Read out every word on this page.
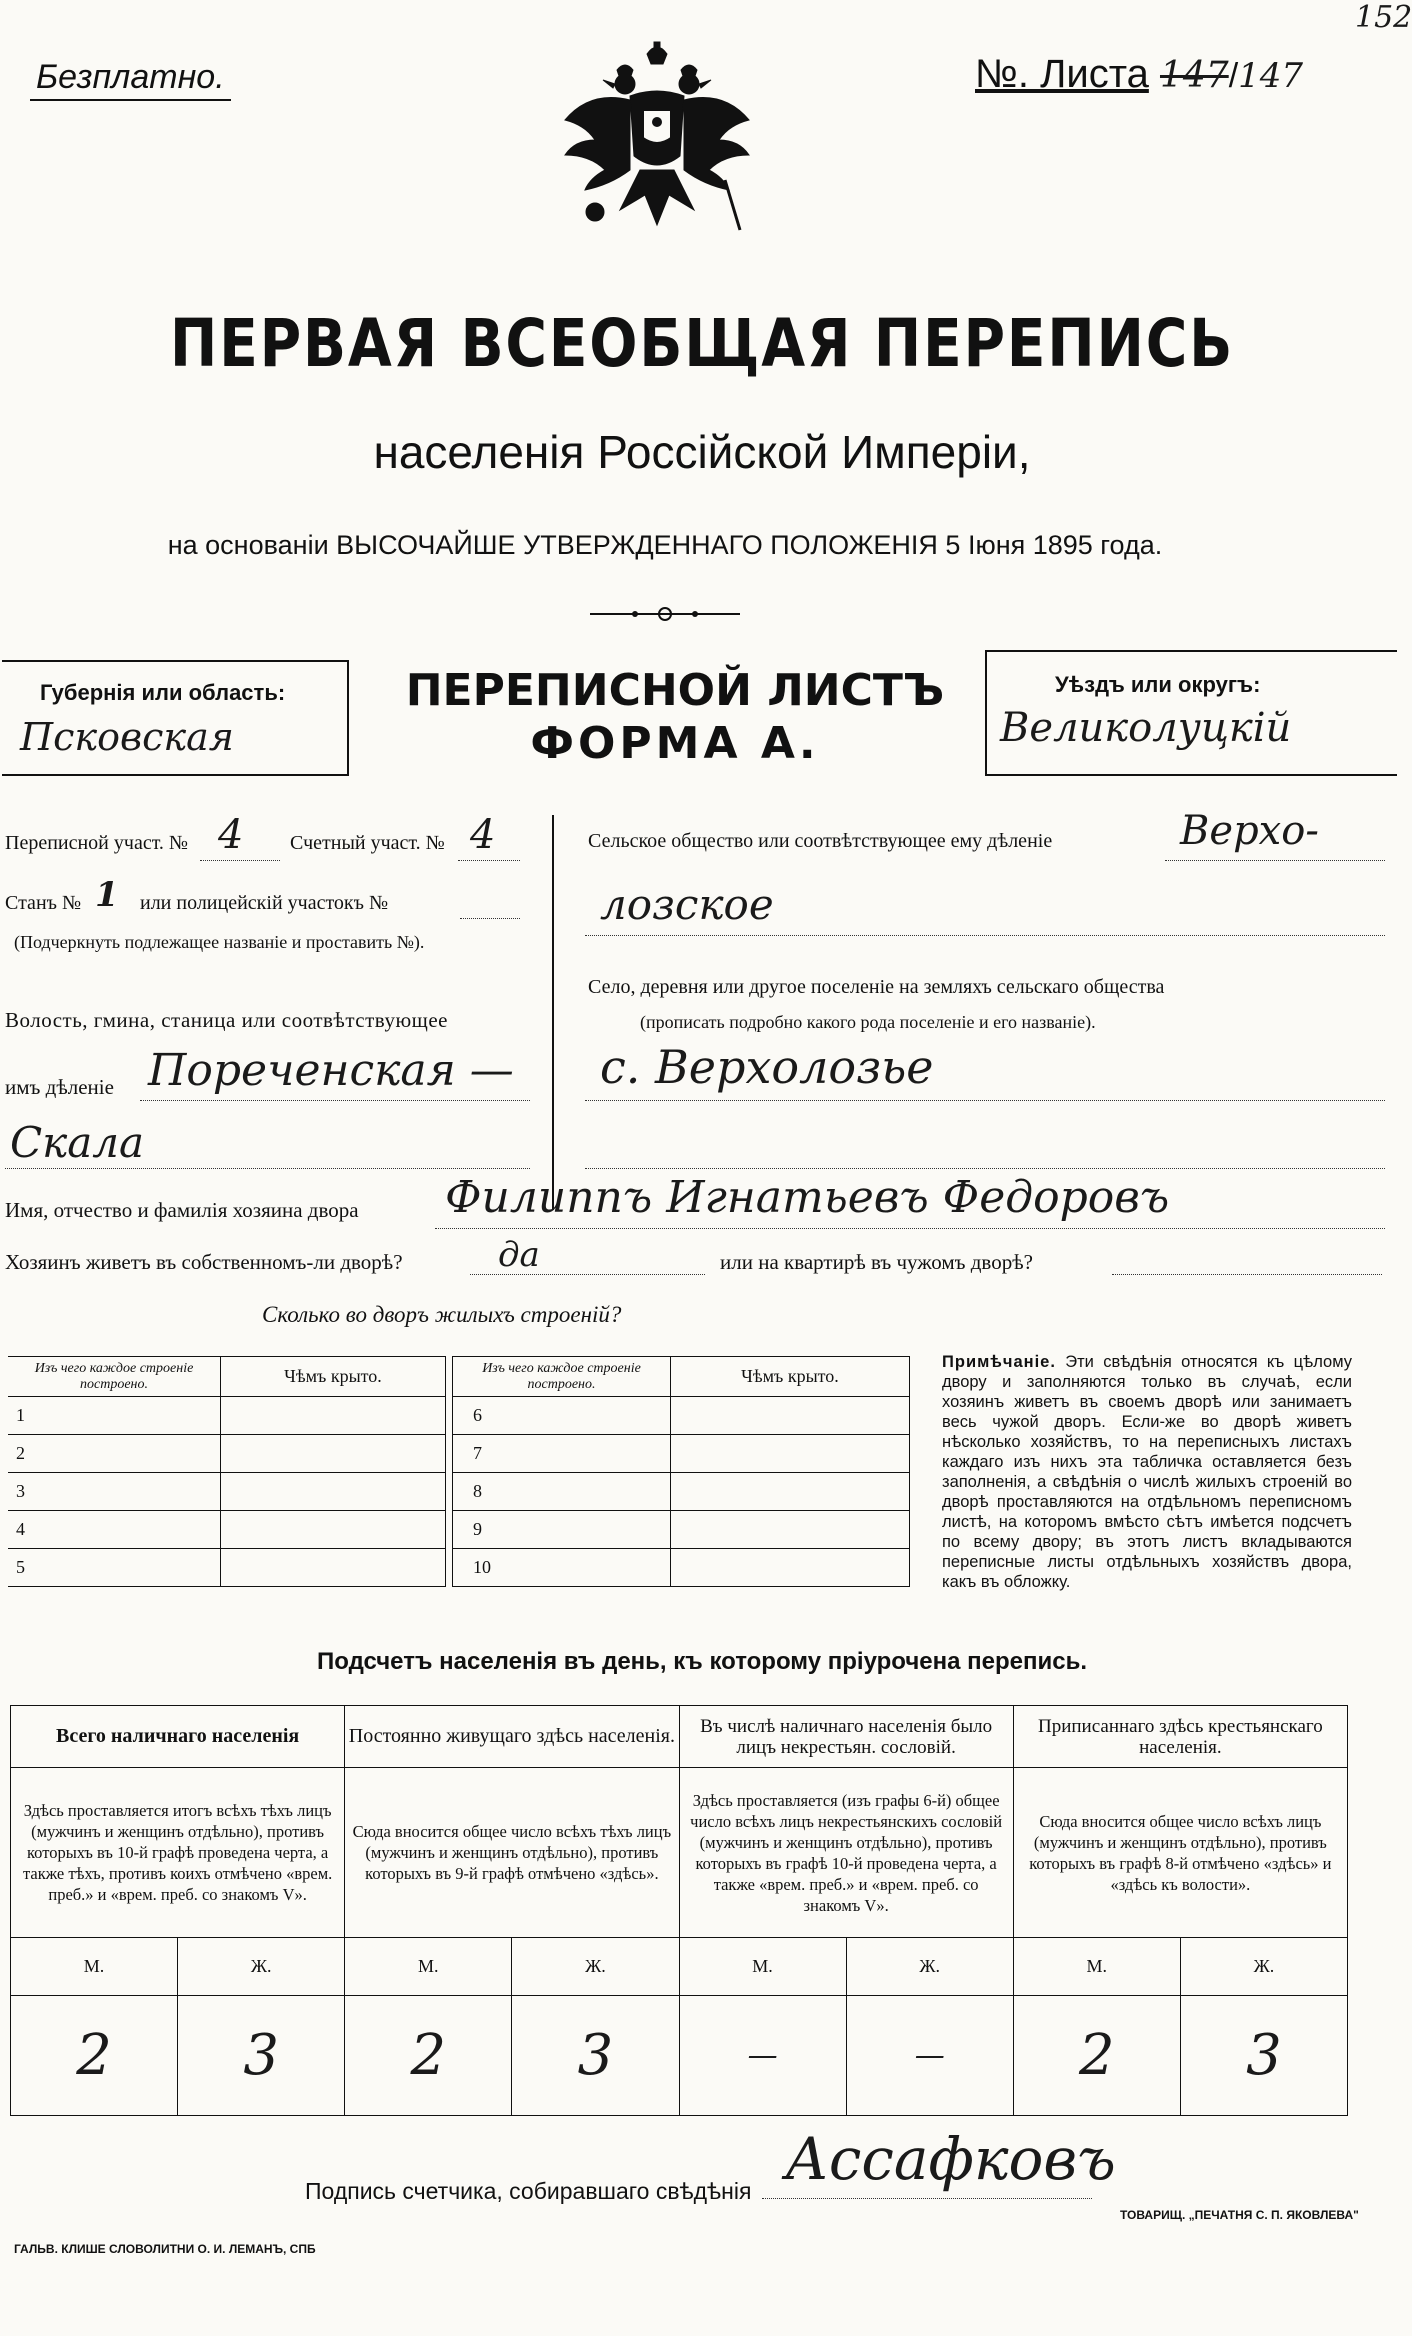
Безплатно.	№. Листа 147/147
152
ПЕРВАЯ ВСЕОБЩАЯ ПЕРЕПИСЬ
населенія Россійской Имперіи,
на основаніи ВЫСОЧАЙШЕ УТВЕРЖДЕННАГО ПОЛОЖЕНІЯ 5 Іюня 1895 года.
Губернія или область:
Псковская
ПЕРЕПИСНОЙ ЛИСТЪ
ФОРМА А.
Уѣздъ или округъ:
Великолуцкій
Переписной участ. № 4 Счетный участ. № 4
Станъ № 1 или полицейскій участокъ №
(Подчеркнуть подлежащее названіе и проставить №).
Волость, гмина, станица или соотвѣтствующее
имъ дѣленіе Пореченская —
Скала
Сельское общество или соотвѣтствующее ему дѣленіе	Верхо-
лозское
Село, деревня или другое поселеніе на земляхъ сельскаго общества
(прописать подробно какого рода поселеніе и его названіе).
с. Верхолозье
Имя, отчество и фамилія хозяина двора Филиппъ Игнатьевъ Федоровъ
Хозяинъ живетъ въ собственномъ-ли дворѣ?	да	или на квартирѣ въ чужомъ дворѣ?
Сколько во дворъ жилыхъ строеній?
Изъ чего каждое строеніе построено.	Чѣмъ крыто.
1	
2	
3	
4	
5	
Изъ чего каждое строеніе построено.	Чѣмъ крыто.
6	
7	
8	
9	
10	
Примѣчаніе. Эти свѣдѣнія относятся къ цѣлому двору и заполняются только въ случаѣ, если хозяинъ живетъ въ своемъ дворѣ или занимаетъ весь чужой дворъ. Если-же во дворѣ живетъ нѣсколько хозяйствъ, то на переписныхъ листахъ каждаго изъ нихъ эта табличка оставляется безъ заполненія, а свѣдѣнія о числѣ жилыхъ строеній во дворѣ проставляются на отдѣльномъ переписномъ листѣ, на которомъ вмѣсто сѣтъ имѣется подсчетъ по всему двору; въ этотъ листъ вкладываются переписные листы отдѣльныхъ хозяйствъ двора, какъ въ обложку.
Подсчетъ населенія въ день, къ которому пріурочена перепись.
Всего наличнаго населенія		Постоянно живущаго здѣсь населенія.		Въ числѣ наличнаго населенія было лицъ некрестьян. сословій.		Приписаннаго здѣсь крестьянскаго населенія.	
Здѣсь проставляется итогъ всѣхъ тѣхъ лицъ (мужчинъ и женщинъ отдѣльно), противъ которыхъ въ 10-й графѣ проведена черта, а также тѣхъ, противъ коихъ отмѣчено «врем. преб.» и «врем. преб. со знакомъ V».		Сюда вносится общее число всѣхъ тѣхъ лицъ (мужчинъ и женщинъ отдѣльно), противъ которыхъ въ 9-й графѣ отмѣчено «здѣсь».		Здѣсь проставляется (изъ графы 6-й) общее число всѣхъ лицъ некрестьянскихъ сословій (мужчинъ и женщинъ отдѣльно), противъ которыхъ въ графѣ 10-й проведена черта, а также «врем. преб.» и «врем. преб. со знакомъ V».		Сюда вносится общее число всѣхъ лицъ (мужчинъ и женщинъ отдѣльно), противъ которыхъ въ графѣ 8-й отмѣчено «здѣсь» и «здѣсь къ волости».	
М.	Ж.	М.	Ж.	М.	Ж.	М.	Ж.
2	3	2	3	—	—	2	3
Подпись счетчика, собиравшаго свѣдѣнія Ассафковъ
ГАЛЬВ. КЛИШЕ СЛОВОЛИТНИ О. И. ЛЕМАНЪ, СПБ
ТОВАРИЩ. „ПЕЧАТНЯ С. П. ЯКОВЛЕВА"
